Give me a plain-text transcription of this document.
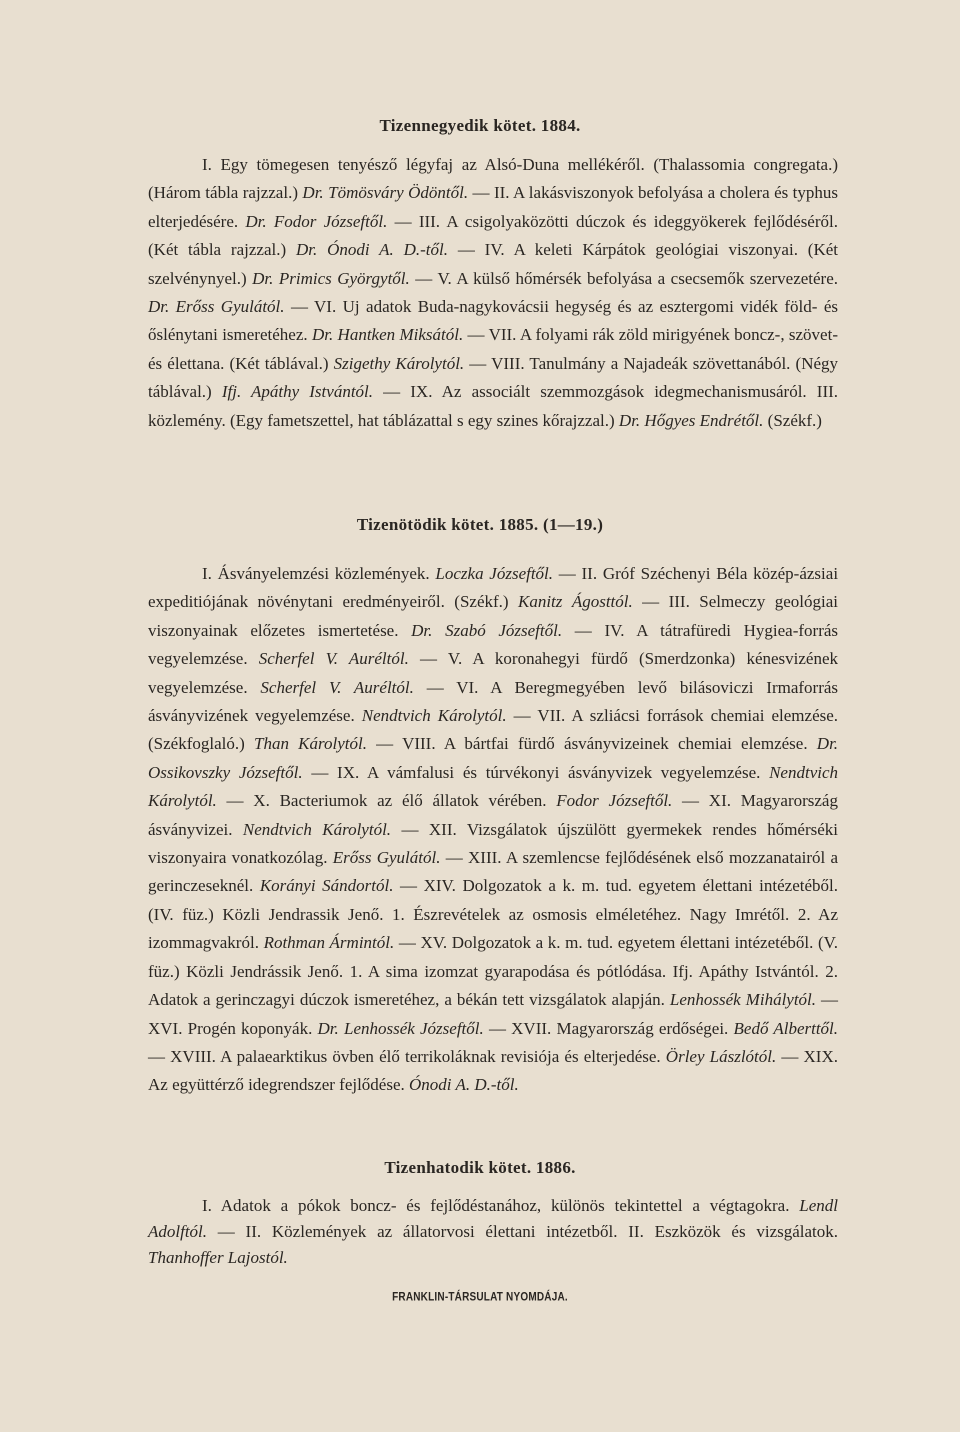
Tizennegyedik kötet. 1884.

I. Egy tömegesen tenyésző légyfaj az Alsó-Duna mellékéről. (Thalassomia congregata.) (Három tábla rajzzal.) Dr. Tömösváry Ödöntől. — II. A lakásviszonyok befolyása a cholera és typhus elterjedésére. Dr. Fodor Józseftől. — III. A csigolyaközötti dúczok és ideggyökerek fejlődéséről. (Két tábla rajzzal.) Dr. Ónodi A. D.-től. — IV. A keleti Kárpátok geológiai viszonyai. (Két szelvénynyel.) Dr. Primics Györgytől. — V. A külső hőmérsék befolyása a csecsemők szervezetére. Dr. Erőss Gyulától. — VI. Uj adatok Buda-nagykovácsii hegység és az esztergomi vidék föld- és őslénytani ismeretéhez. Dr. Hantken Miksától. — VII. A folyami rák zöld mirigyének boncz-, szövet- és élettana. (Két táblával.) Szigethy Károlytól. — VIII. Tanulmány a Najadeák szövettanából. (Négy táblával.) Ifj. Apáthy Istvántól. — IX. Az associált szemmozgások idegmechanismusáról. III. közlemény. (Egy fametszettel, hat táblázattal s egy szines kőrajzzal.) Dr. Hőgyes Endrétől. (Székf.)

Tizenötödik kötet. 1885. (1—19.)

I. Ásványelemzési közlemények. Loczka Józseftől. — II. Gróf Széchenyi Béla közép-ázsiai expeditiójának növénytani eredményeiről. (Székf.) Kanitz Ágosttól. — III. Selmeczy geológiai viszonyainak előzetes ismertetése. Dr. Szabó Józseftől. — IV. A tátrafüredi Hygiea-forrás vegyelemzése. Scherfel V. Auréltól. — V. A koronahegyi fürdő (Smerdzonka) kénesvizének vegyelemzése. Scherfel V. Auréltól. — VI. A Beregmegyében levő bilásoviczi Irmaforrás ásványvizének vegyelemzése. Nendtvich Károlytól. — VII. A szliácsi források chemiai elemzése. (Székfoglaló.) Than Károlytól. — VIII. A bártfai fürdő ásványvizeinek chemiai elemzése. Dr. Ossikovszky Józseftől. — IX. A vámfalusi és túrvékonyi ásványvizek vegyelemzése. Nendtvich Károlytól. — X. Bacteriumok az élő állatok vérében. Fodor Józseftől. — XI. Magyarország ásványvizei. Nendtvich Károlytól. — XII. Vizsgálatok újszülött gyermekek rendes hőmérséki viszonyaira vonatkozólag. Erőss Gyulától. — XIII. A szemlencse fejlődésének első mozzanatairól a gerinczeseknél. Korányi Sándortól. — XIV. Dolgozatok a k. m. tud. egyetem élettani intézetéből. (IV. füz.) Közli Jendrassik Jenő. 1. Észrevételek az osmosis elméletéhez. Nagy Imrétől. 2. Az izommagvakról. Rothman Ármintól. — XV. Dolgozatok a k. m. tud. egyetem élettani intézetéből. (V. füz.) Közli Jendrássik Jenő. 1. A sima izomzat gyarapodása és pótlódása. Ifj. Apáthy Istvántól. 2. Adatok a gerinczagyi dúczok ismeretéhez, a békán tett vizsgálatok alapján. Lenhossék Mihálytól. — XVI. Progén koponyák. Dr. Lenhossék Józseftől. — XVII. Magyarország erdőségei. Bedő Alberttől.— XVIII. A palaearktikus övben élő terrikoláknak revisiója és elterjedése. Örley Lászlótól. — XIX. Az együttérző idegrendszer fejlődése. Ónodi A. D.-től.

Tizenhatodik kötet. 1886.

I. Adatok a pókok boncz- és fejlődéstanához, különös tekintettel a végtagokra. Lendl Adolftól. — II. Közlemények az állatorvosi élettani intézetből. II. Eszközök és vizsgálatok. Thanhoffer Lajostól.

FRANKLIN-TÁRSULAT NYOMDÁJA.
